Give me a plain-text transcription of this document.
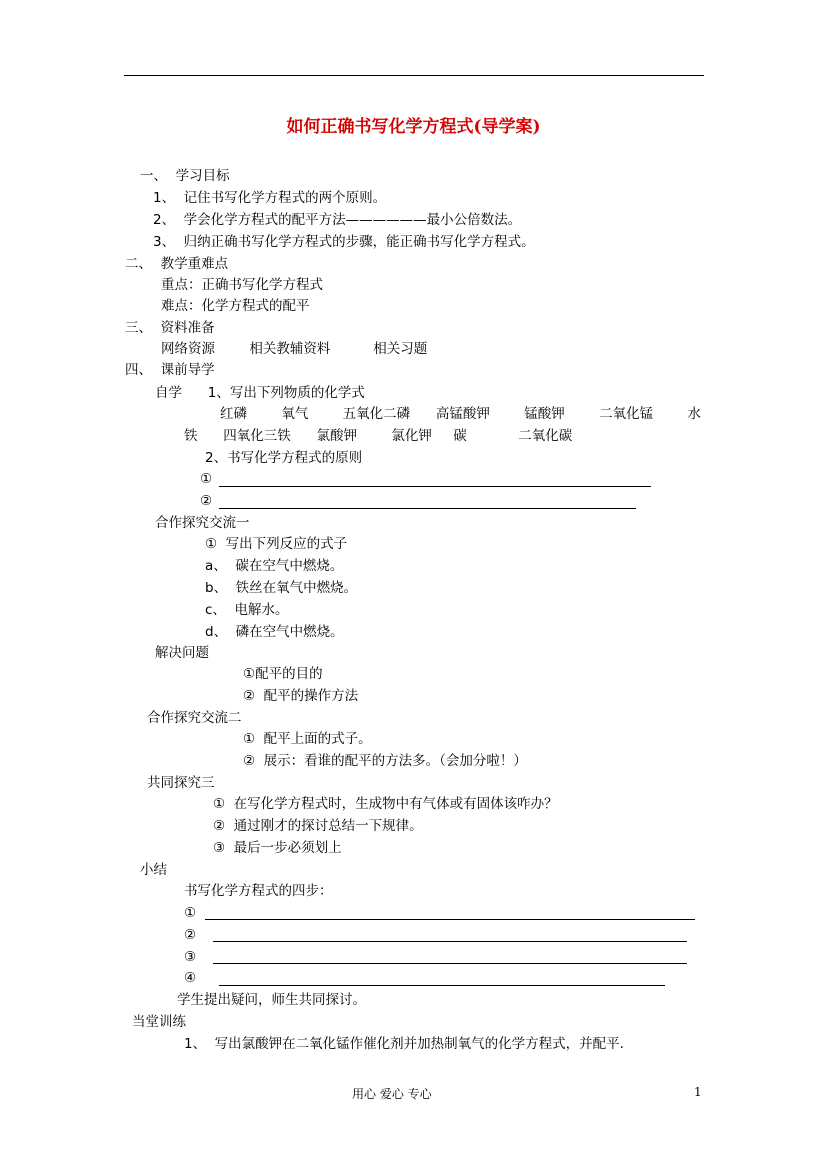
如何正确书写化学方程式(导学案)
一、  学习目标
1、  记住书写化学方程式的两个原则。
2、  学会化学方程式的配平方法——————最小公倍数法。
3、  归纳正确书写化学方程式的步骤，能正确书写化学方程式。
二、  教学重难点
重点：正确书写化学方程式
难点：化学方程式的配平
三、  资料准备
网络资源        相关教辅资料          相关习题
四、  课前导学
自学      1、写出下列物质的化学式
红磷        氧气        五氧化二磷      高锰酸钾        锰酸钾        二氧化锰        水
铁      四氧化三铁      氯酸钾        氯化钾     碳            二氧化碳
2、书写化学方程式的原则
①
②
合作探究交流一
①  写出下列反应的式子
a、  碳在空气中燃烧。
b、  铁丝在氧气中燃烧。
c、  电解水。
d、  磷在空气中燃烧。
解决问题
①配平的目的
②  配平的操作方法
合作探究交流二
①  配平上面的式子。
②  展示：看谁的配平的方法多。（会加分啦！）
共同探究三
①  在写化学方程式时，生成物中有气体或有固体该咋办？
②  通过刚才的探讨总结一下规律。
③  最后一步必须划上
小结
书写化学方程式的四步：
①
②
③
④
学生提出疑问，师生共同探讨。
当堂训练
1、  写出氯酸钾在二氧化锰作催化剂并加热制氧气的化学方程式，并配平.
用心 爱心 专心	1
